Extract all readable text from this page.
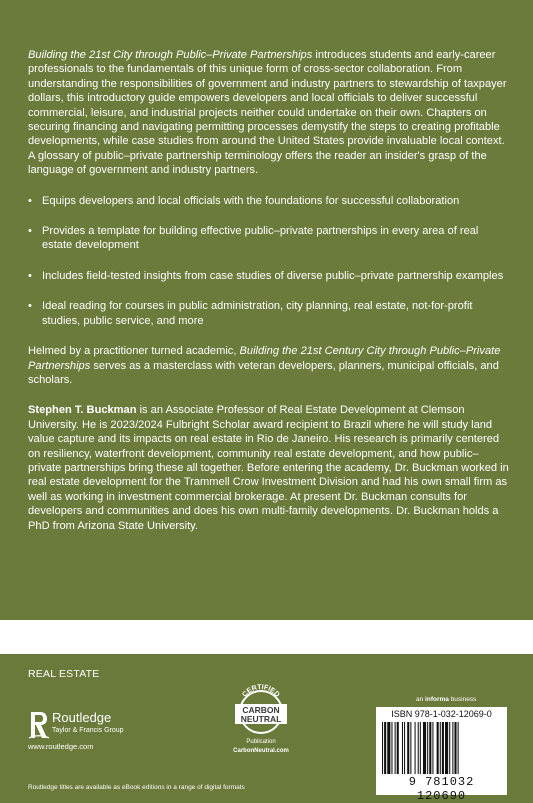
Building the 21st City through Public–Private Partnerships introduces students and early-career professionals to the fundamentals of this unique form of cross-sector collaboration. From understanding the responsibilities of government and industry partners to stewardship of taxpayer dollars, this introductory guide empowers developers and local officials to deliver successful commercial, leisure, and industrial projects neither could undertake on their own. Chapters on securing financing and navigating permitting processes demystify the steps to creating profitable developments, while case studies from around the United States provide invaluable local context. A glossary of public–private partnership terminology offers the reader an insider's grasp of the language of government and industry partners.

• Equips developers and local officials with the foundations for successful collaboration
• Provides a template for building effective public–private partnerships in every area of real estate development
• Includes field-tested insights from case studies of diverse public–private partnership examples
• Ideal reading for courses in public administration, city planning, real estate, not-for-profit studies, public service, and more

Helmed by a practitioner turned academic, Building the 21st Century City through Public–Private Partnerships serves as a masterclass with veteran developers, planners, municipal officials, and scholars.

Stephen T. Buckman is an Associate Professor of Real Estate Development at Clemson University. He is 2023/2024 Fulbright Scholar award recipient to Brazil where he will study land value capture and its impacts on real estate in Rio de Janeiro. His research is primarily centered on resiliency, waterfront development, community real estate development, and how public–private partnerships bring these all together. Before entering the academy, Dr. Buckman worked in real estate development for the Trammell Crow Investment Division and had his own small firm as well as working in investment commercial brokerage. At present Dr. Buckman consults for developers and communities and does his own multi-family developments. Dr. Buckman holds a PhD from Arizona State University.

REAL ESTATE
Routledge
Taylor & Francis Group
www.routledge.com
CERTIFIED
CARBON
NEUTRAL
Publication
CarbonNeutral.com
an informa business
ISBN 978-1-032-12069-0
9 781032 120690
Routledge titles are available as eBook editions in a range of digital formats
